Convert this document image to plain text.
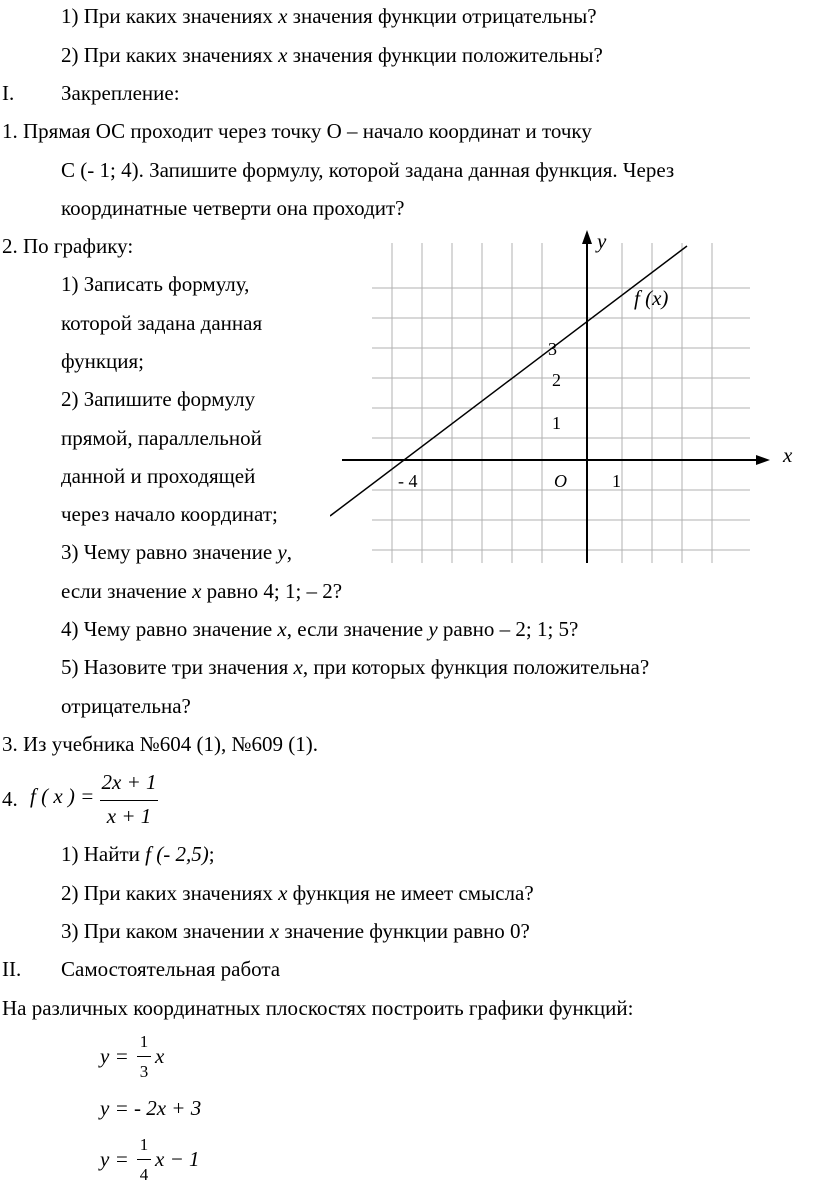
1) При каких значениях x значения функции отрицательны?
2) При каких значениях x значения функции положительны?
I. Закрепление:
1. Прямая ОС проходит через точку О – начало координат и точку
С (- 1; 4). Запишите формулу, которой задана данная функция. Через
координатные четверти она проходит?
2. По графику:
1) Записать формулу,
которой задана данная
функция;
2) Запишите формулу
прямой, параллельной
данной и проходящей
через начало координат;
3) Чему равно значение y,
если значение x равно 4; 1; – 2?
4) Чему равно значение x, если значение y равно – 2; 1; 5?
5) Назовите три значения x, при которых функция положительна?
отрицательна?
y
x
f (x)
3
2
1
- 4	O	1
3. Из учебника №604 (1), №609 (1).
4. f ( x ) =
2x + 1
x + 1
1) Найти f (- 2,5);
2) При каких значениях x функция не имеет смысла?
3) При каком значении x значение функции равно 0?
II. Самостоятельная работа
На различных координатных плоскостях построить графики функций:
y =
1
3
x
y = - 2x + 3
y =
1
4
x − 1
